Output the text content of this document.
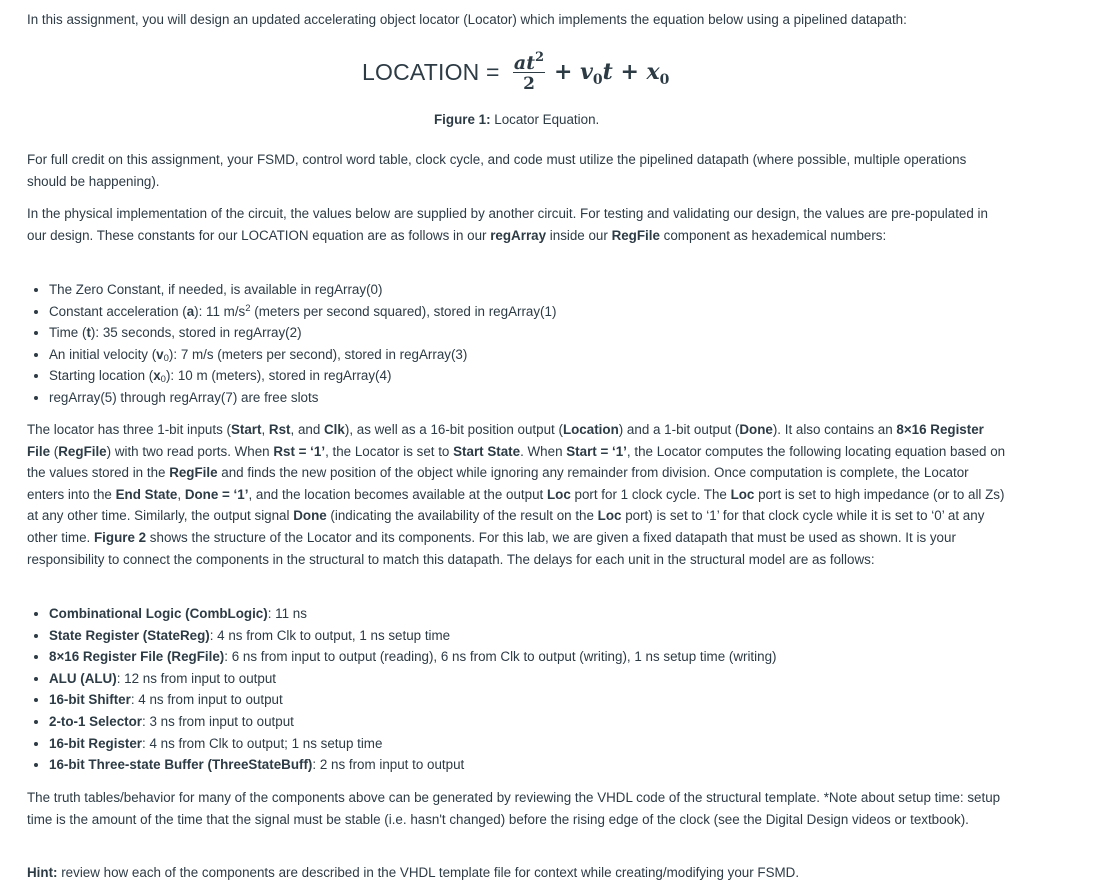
In this assignment, you will design an updated accelerating object locator (Locator) which implements the equation below using a pipelined datapath:

LOCATION = $at^2$
$2 + v_0t + x_0$

Figure 1: Locator Equation.

For full credit on this assignment, your FSMD, control word table, clock cycle, and code must utilize the pipelined datapath (where possible, multiple operations should be happening).

In the physical implementation of the circuit, the values below are supplied by another circuit. For testing and validating our design, the values are pre-populated in our design. These constants for our LOCATION equation are as follows in our regArray inside our RegFile component as hexademical numbers:

• The Zero Constant, if needed, is available in regArray(0)
• Constant acceleration (a): 11 $m/s^2$ (meters per second squared), stored in regArray(1)
• Time (t): 35 seconds, stored in regArray(2)
• An initial velocity $(v_0)$: 7 m/s (meters per second), stored in regArray(3)
• Starting location $(x_0)$: 10 m (meters), stored in regArray(4)
• regArray(5) through regArray(7) are free slots

The locator has three 1-bit inputs (Start, Rst, and Clk), as well as a 16-bit position output (Location) and a 1-bit output (Done). It also contains an 8×16 Register File (RegFile) with two read ports. When Rst = ‘1’, the Locator is set to Start State. When Start = ‘1’, the Locator computes the following locating equation based on the values stored in the RegFile and finds the new position of the object while ignoring any remainder from division. Once computation is complete, the Locator enters into the End State, Done = ‘1’, and the location becomes available at the output Loc port for 1 clock cycle. The Loc port is set to high impedance (or to all Zs) at any other time. Similarly, the output signal Done (indicating the availability of the result on the Loc port) is set to ‘1’ for that clock cycle while it is set to ‘0’ at any other time. Figure 2 shows the structure of the Locator and its components. For this lab, we are given a fixed datapath that must be used as shown. It is your responsibility to connect the components in the structural to match this datapath. The delays for each unit in the structural model are as follows:

• Combinational Logic (CombLogic): 11 ns
• State Register (StateReg): 4 ns from Clk to output, 1 ns setup time
• 8×16 Register File (RegFile): 6 ns from input to output (reading), 6 ns from Clk to output (writing), 1 ns setup time (writing)
• ALU (ALU): 12 ns from input to output
• 16-bit Shifter: 4 ns from input to output
• 2-to-1 Selector: 3 ns from input to output
• 16-bit Register: 4 ns from Clk to output; 1 ns setup time
• 16-bit Three-state Buffer (ThreeStateBuff): 2 ns from input to output

The truth tables/behavior for many of the components above can be generated by reviewing the VHDL code of the structural template. *Note about setup time: setup time is the amount of the time that the signal must be stable (i.e. hasn't changed) before the rising edge of the clock (see the Digital Design videos or textbook).

Hint: review how each of the components are described in the VHDL template file for context while creating/modifying your FSMD.
